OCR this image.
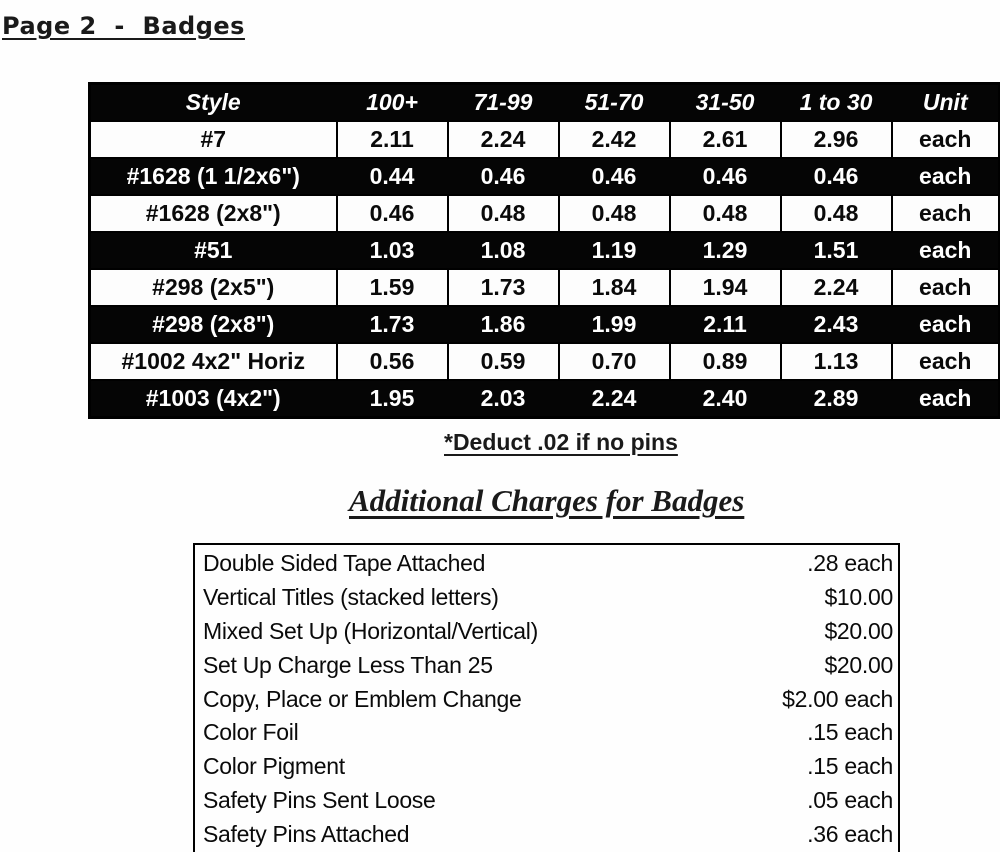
Page 2  -  Badges
Style	100+	71-99	51-70	31-50	1 to 30	Unit
#7	2.11	2.24	2.42	2.61	2.96	each
#1628 (1 1/2x6")	0.44	0.46	0.46	0.46	0.46	each
#1628 (2x8")	0.46	0.48	0.48	0.48	0.48	each
#51	1.03	1.08	1.19	1.29	1.51	each
#298 (2x5")	1.59	1.73	1.84	1.94	2.24	each
#298 (2x8")	1.73	1.86	1.99	2.11	2.43	each
#1002 4x2" Horiz	0.56	0.59	0.70	0.89	1.13	each
#1003 (4x2")	1.95	2.03	2.24	2.40	2.89	each
*Deduct .02 if no pins
Additional Charges for Badges
Double Sided Tape Attached	.28 each
Vertical Titles (stacked letters)	$10.00
Mixed Set Up (Horizontal/Vertical)	$20.00
Set Up Charge Less Than 25	$20.00
Copy, Place or Emblem Change	$2.00 each
Color Foil	.15 each
Color Pigment	.15 each
Safety Pins Sent Loose	.05 each
Safety Pins Attached	.36 each
